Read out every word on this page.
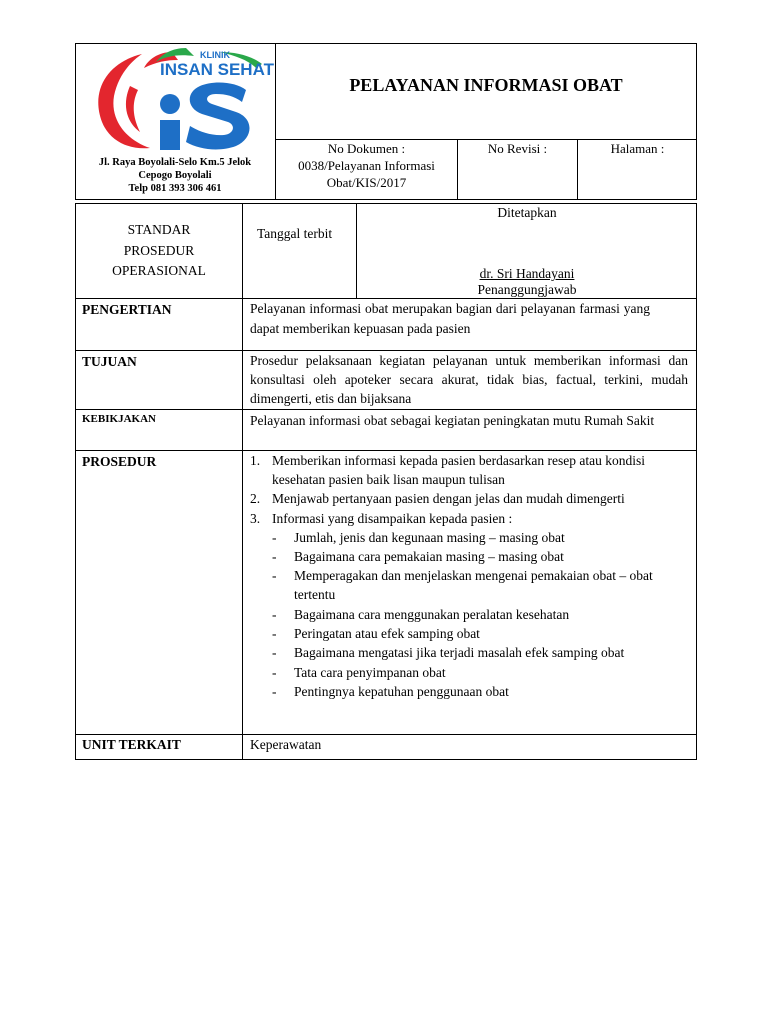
KLINIK
INSAN SEHAT
Jl. Raya Boyolali-Selo Km.5 Jelok
Cepogo Boyolali
Telp 081 393 306 461
PELAYANAN INFORMASI OBAT
No Dokumen :
0038/Pelayanan Informasi
Obat/KIS/2017
No Revisi :	Halaman :
STANDAR
PROSEDUR
OPERASIONAL
Tanggal terbit
Ditetapkan
dr. Sri Handayani
Penanggungjawab
PENGERTIAN	Pelayanan informasi obat merupakan bagian dari pelayanan farmasi yang dapat memberikan kepuasan pada pasien
TUJUAN	Prosedur pelaksanaan kegiatan pelayanan untuk memberikan informasi dan konsultasi oleh apoteker secara akurat, tidak bias, factual, terkini, mudah dimengerti, etis dan bijaksana
KEBIKJAKAN	Pelayanan informasi obat sebagai kegiatan peningkatan mutu Rumah Sakit
PROSEDUR	1. Memberikan informasi kepada pasien berdasarkan resep atau kondisi kesehatan pasien baik lisan maupun tulisan
2. Menjawab pertanyaan pasien dengan jelas dan mudah dimengerti
3. Informasi yang disampaikan kepada pasien :
- Jumlah, jenis dan kegunaan masing – masing obat
- Bagaimana cara pemakaian masing – masing obat
- Memperagakan dan menjelaskan mengenai pemakaian obat – obat tertentu
- Bagaimana cara menggunakan peralatan kesehatan
- Peringatan atau efek samping obat
- Bagaimana mengatasi jika terjadi masalah efek samping obat
- Tata cara penyimpanan obat
- Pentingnya kepatuhan penggunaan obat
UNIT TERKAIT	Keperawatan
